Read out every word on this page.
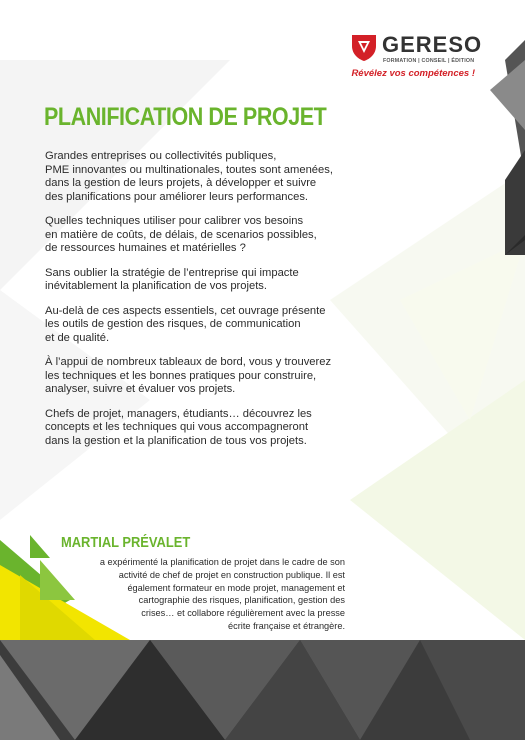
GERESO
FORMATION | CONSEIL | ÉDITION
Révélez vos compétences !
PLANIFICATION DE PROJET

Grandes entreprises ou collectivités publiques,
PME innovantes ou multinationales, toutes sont amenées,
dans la gestion de leurs projets, à développer et suivre
des planifications pour améliorer leurs performances.

Quelles techniques utiliser pour calibrer vos besoins
en matière de coûts, de délais, de scenarios possibles,
de ressources humaines et matérielles ?

Sans oublier la stratégie de l’entreprise qui impacte
inévitablement la planification de vos projets.

Au-delà de ces aspects essentiels, cet ouvrage présente
les outils de gestion des risques, de communication
et de qualité.

À l’appui de nombreux tableaux de bord, vous y trouverez
les techniques et les bonnes pratiques pour construire,
analyser, suivre et évaluer vos projets.

Chefs de projet, managers, étudiants… découvrez les
concepts et les techniques qui vous accompagneront
dans la gestion et la planification de tous vos projets.

MARTIAL PRÉVALET
a expérimenté la planification de projet dans le cadre de son
activité de chef de projet en construction publique. Il est
également formateur en mode projet, management et
cartographie des risques, planification, gestion des
crises… et collabore régulièrement avec la presse
écrite française et étrangère.
